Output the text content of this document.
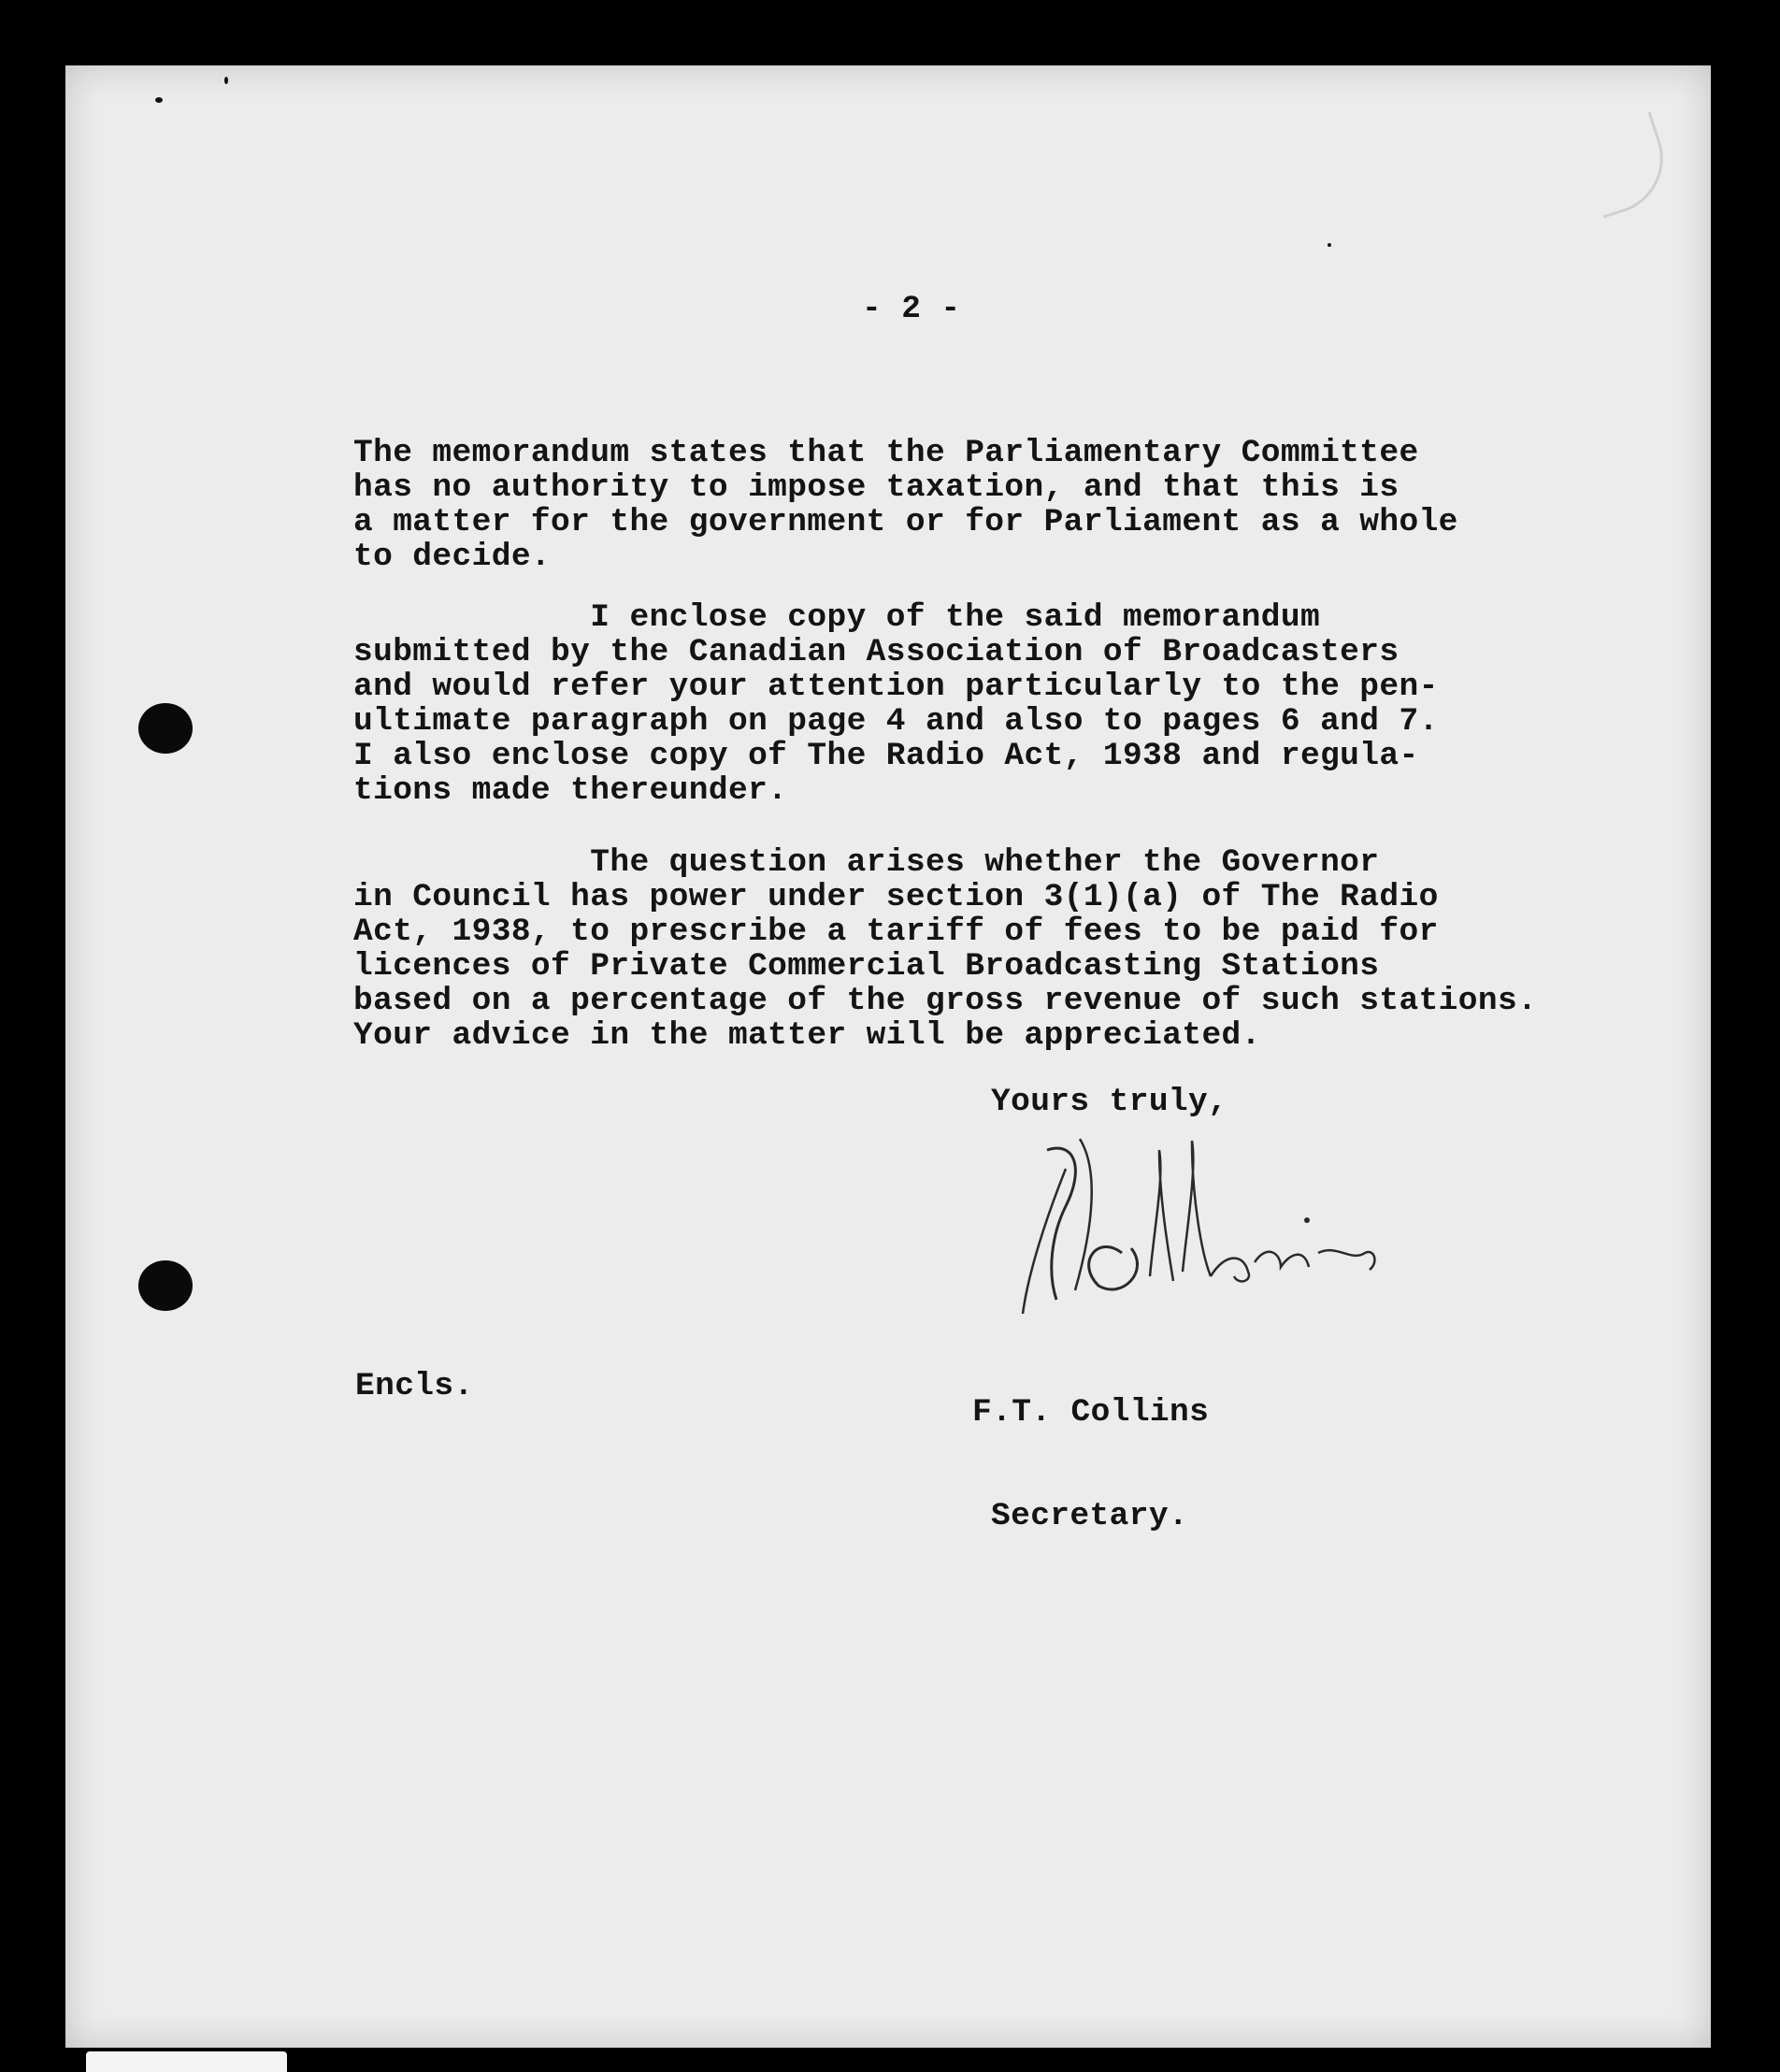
- 2 -
The memorandum states that the Parliamentary Committee
has no authority to impose taxation, and that this is
a matter for the government or for Parliament as a whole
to decide.
I enclose copy of the said memorandum
submitted by the Canadian Association of Broadcasters
and would refer your attention particularly to the pen-
ultimate paragraph on page 4 and also to pages 6 and 7.
I also enclose copy of The Radio Act, 1938 and regula-
tions made thereunder.
The question arises whether the Governor
in Council has power under section 3(1)(a) of The Radio
Act, 1938, to prescribe a tariff of fees to be paid for
licences of Private Commercial Broadcasting Stations
based on a percentage of the gross revenue of such stations.
Your advice in the matter will be appreciated.
Yours truly,

F.T. Collins

Secretary.

Encls.
